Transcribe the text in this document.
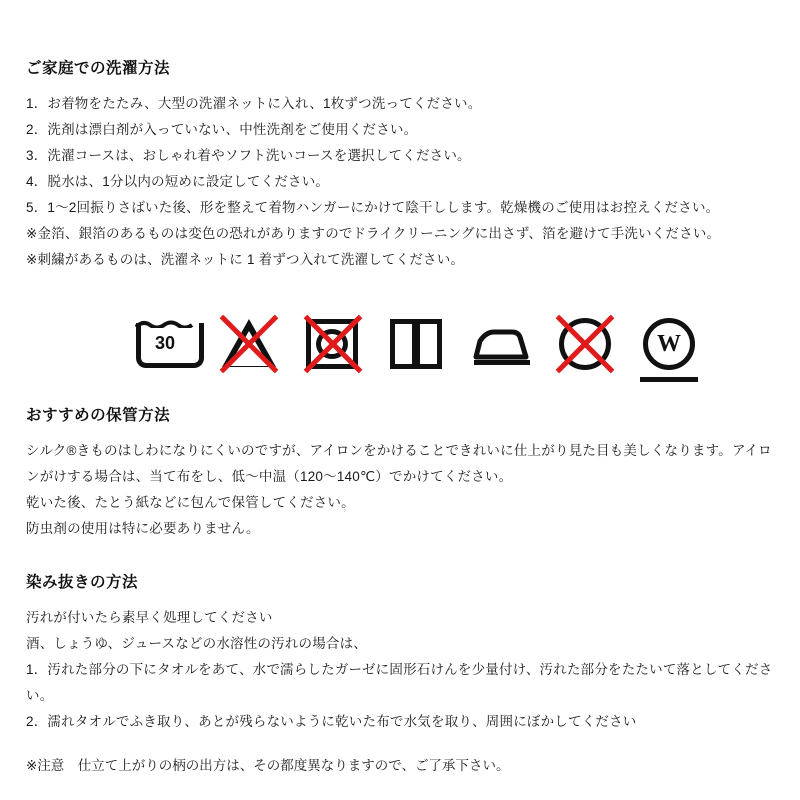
ご家庭での洗濯方法

1．お着物をたたみ、大型の洗濯ネットに入れ、1枚ずつ洗ってください。

2．洗剤は漂白剤が入っていない、中性洗剤をご使用ください。

3．洗濯コースは、おしゃれ着やソフト洗いコースを選択してください。

4．脱水は、1分以内の短めに設定してください。

5．1〜2回振りさばいた後、形を整えて着物ハンガーにかけて陰干しします。乾燥機のご使用はお控えください。

※金箔、銀箔のあるものは変色の恐れがありますのでドライクリーニングに出さず、箔を避けて手洗いください。

※刺繍があるものは、洗濯ネットに 1 着ずつ入れて洗濯してください。

30	W
おすすめの保管方法

シルク®きものはしわになりにくいのですが、アイロンをかけることできれいに仕上がり見た目も美しくなります。アイロンがけする場合は、当て布をし、低〜中温（120〜140℃）でかけてください。

乾いた後、たとう紙などに包んで保管してください。

防虫剤の使用は特に必要ありません。

染み抜きの方法

汚れが付いたら素早く処理してください

酒、しょうゆ、ジュースなどの水溶性の汚れの場合は、

1．汚れた部分の下にタオルをあて、水で濡らしたガーゼに固形石けんを少量付け、汚れた部分をたたいて落としてください。

2．濡れタオルでふき取り、あとが残らないように乾いた布で水気を取り、周囲にぼかしてください

※注意　仕立て上がりの柄の出方は、その都度異なりますので、ご了承下さい。
